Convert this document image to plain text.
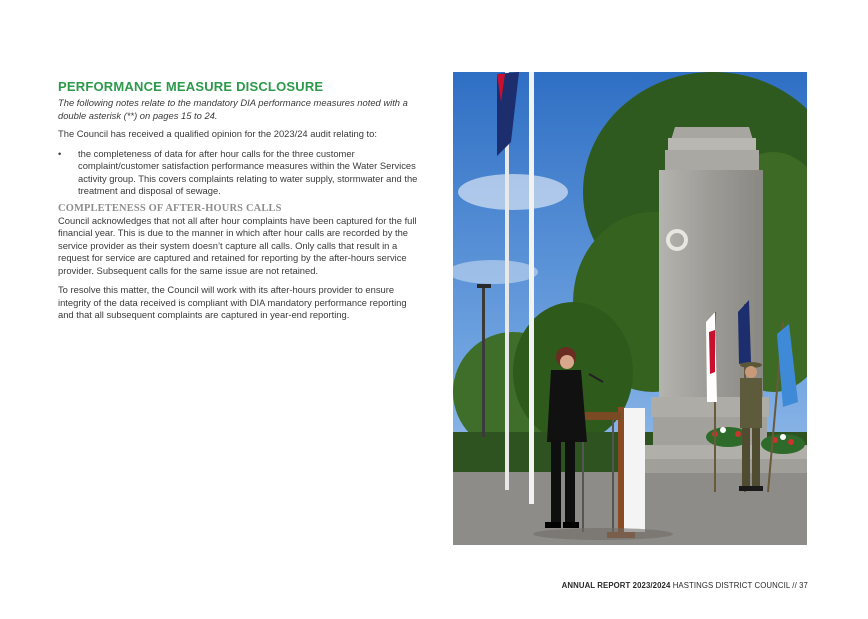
PERFORMANCE MEASURE DISCLOSURE
The following notes relate to the mandatory DIA performance measures noted with a double asterisk (**) on pages 15 to 24.

The Council has received a qualified opinion for the 2023/24 audit relating to:

• the completeness of data for after hour calls for the three customer complaint/customer satisfaction performance measures within the Water Services activity group. This covers complaints relating to water supply, stormwater and the treatment and disposal of sewage.
COMPLETENESS OF AFTER-HOURS CALLS

Council acknowledges that not all after hour complaints have been captured for the full financial year. This is due to the manner in which after hour calls are recorded by the service provider as their system doesn’t capture all calls. Only calls that result in a request for service are captured and retained for reporting by the after-hours service provider. Subsequent calls for the same issue are not retained.

To resolve this matter, the Council will work with its after-hours provider to ensure integrity of the data received is compliant with DIA mandatory performance reporting and that all subsequent complaints are captured in year-end reporting.

ANNUAL REPORT 2023/2024 HASTINGS DISTRICT COUNCIL // 37
